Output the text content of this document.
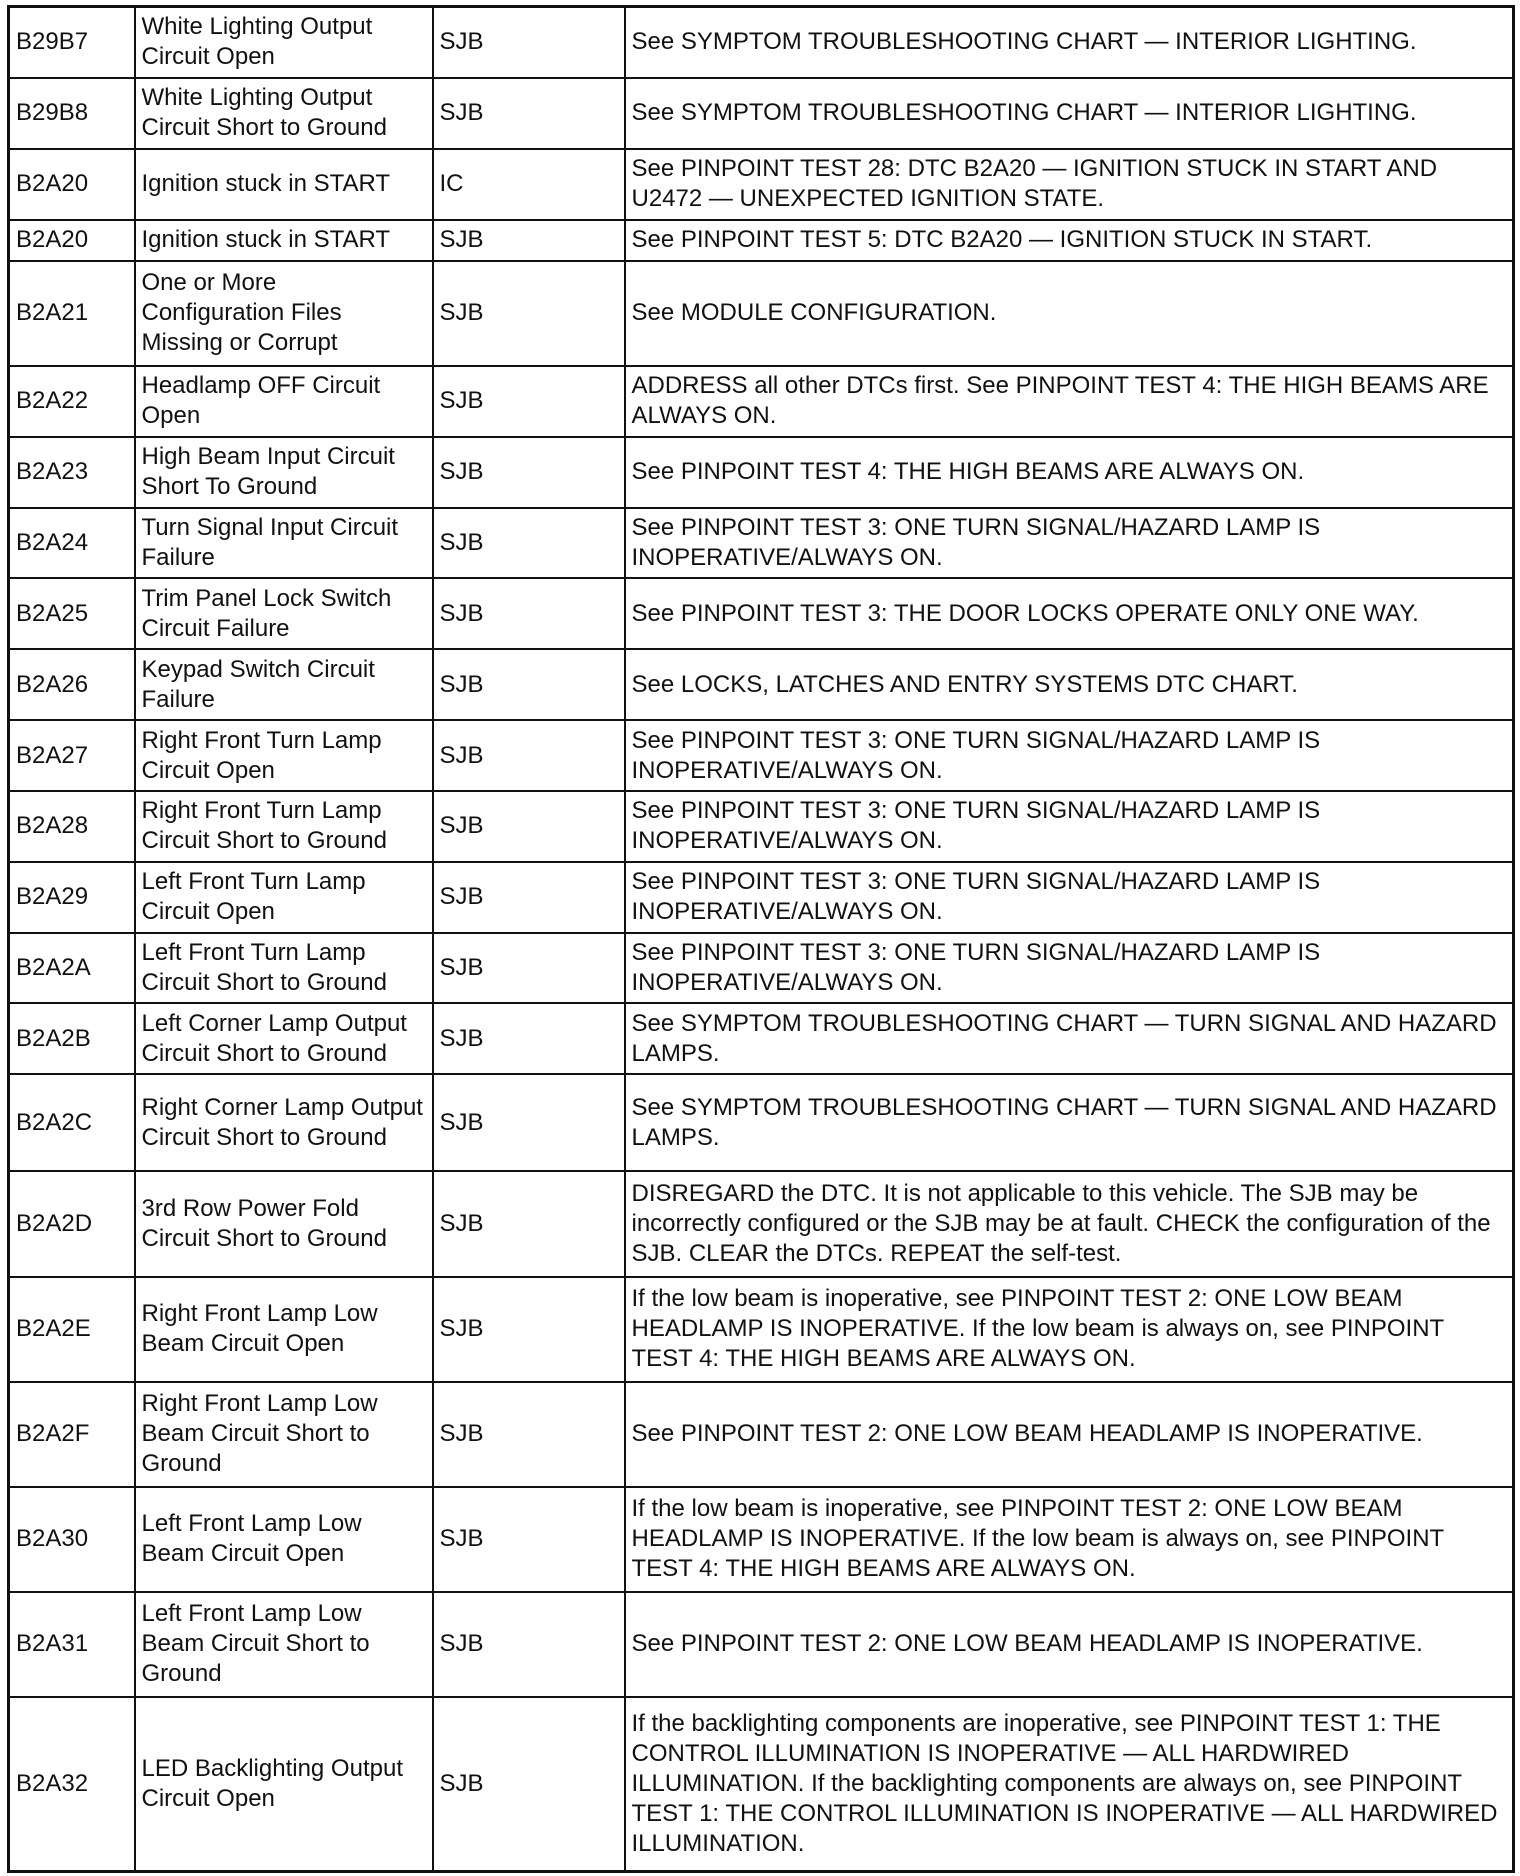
B29B7	White Lighting Output Circuit Open	SJB	See SYMPTOM TROUBLESHOOTING CHART — INTERIOR LIGHTING.
B29B8	White Lighting Output Circuit Short to Ground	SJB	See SYMPTOM TROUBLESHOOTING CHART — INTERIOR LIGHTING.
B2A20	Ignition stuck in START	IC	See PINPOINT TEST 28: DTC B2A20 — IGNITION STUCK IN START AND U2472 — UNEXPECTED IGNITION STATE.
B2A20	Ignition stuck in START	SJB	See PINPOINT TEST 5: DTC B2A20 — IGNITION STUCK IN START.
B2A21	One or More Configuration Files Missing or Corrupt	SJB	See MODULE CONFIGURATION.
B2A22	Headlamp OFF Circuit Open	SJB	ADDRESS all other DTCs first. See PINPOINT TEST 4: THE HIGH BEAMS ARE ALWAYS ON.
B2A23	High Beam Input Circuit Short To Ground	SJB	See PINPOINT TEST 4: THE HIGH BEAMS ARE ALWAYS ON.
B2A24	Turn Signal Input Circuit Failure	SJB	See PINPOINT TEST 3: ONE TURN SIGNAL/HAZARD LAMP IS INOPERATIVE/ALWAYS ON.
B2A25	Trim Panel Lock Switch Circuit Failure	SJB	See PINPOINT TEST 3: THE DOOR LOCKS OPERATE ONLY ONE WAY.
B2A26	Keypad Switch Circuit Failure	SJB	See LOCKS, LATCHES AND ENTRY SYSTEMS DTC CHART.
B2A27	Right Front Turn Lamp Circuit Open	SJB	See PINPOINT TEST 3: ONE TURN SIGNAL/HAZARD LAMP IS INOPERATIVE/ALWAYS ON.
B2A28	Right Front Turn Lamp Circuit Short to Ground	SJB	See PINPOINT TEST 3: ONE TURN SIGNAL/HAZARD LAMP IS INOPERATIVE/ALWAYS ON.
B2A29	Left Front Turn Lamp Circuit Open	SJB	See PINPOINT TEST 3: ONE TURN SIGNAL/HAZARD LAMP IS INOPERATIVE/ALWAYS ON.
B2A2A	Left Front Turn Lamp Circuit Short to Ground	SJB	See PINPOINT TEST 3: ONE TURN SIGNAL/HAZARD LAMP IS INOPERATIVE/ALWAYS ON.
B2A2B	Left Corner Lamp Output Circuit Short to Ground	SJB	See SYMPTOM TROUBLESHOOTING CHART — TURN SIGNAL AND HAZARD LAMPS.
B2A2C	Right Corner Lamp Output Circuit Short to Ground	SJB	See SYMPTOM TROUBLESHOOTING CHART — TURN SIGNAL AND HAZARD LAMPS.
B2A2D	3rd Row Power Fold Circuit Short to Ground	SJB	DISREGARD the DTC. It is not applicable to this vehicle. The SJB may be incorrectly configured or the SJB may be at fault. CHECK the configuration of the SJB. CLEAR the DTCs. REPEAT the self-test.
B2A2E	Right Front Lamp Low Beam Circuit Open	SJB	If the low beam is inoperative, see PINPOINT TEST 2: ONE LOW BEAM HEADLAMP IS INOPERATIVE. If the low beam is always on, see PINPOINT TEST 4: THE HIGH BEAMS ARE ALWAYS ON.
B2A2F	Right Front Lamp Low Beam Circuit Short to Ground	SJB	See PINPOINT TEST 2: ONE LOW BEAM HEADLAMP IS INOPERATIVE.
B2A30	Left Front Lamp Low Beam Circuit Open	SJB	If the low beam is inoperative, see PINPOINT TEST 2: ONE LOW BEAM HEADLAMP IS INOPERATIVE. If the low beam is always on, see PINPOINT TEST 4: THE HIGH BEAMS ARE ALWAYS ON.
B2A31	Left Front Lamp Low Beam Circuit Short to Ground	SJB	See PINPOINT TEST 2: ONE LOW BEAM HEADLAMP IS INOPERATIVE.
B2A32	LED Backlighting Output Circuit Open	SJB	If the backlighting components are inoperative, see PINPOINT TEST 1: THE CONTROL ILLUMINATION IS INOPERATIVE — ALL HARDWIRED ILLUMINATION. If the backlighting components are always on, see PINPOINT TEST 1: THE CONTROL ILLUMINATION IS INOPERATIVE — ALL HARDWIRED ILLUMINATION.
